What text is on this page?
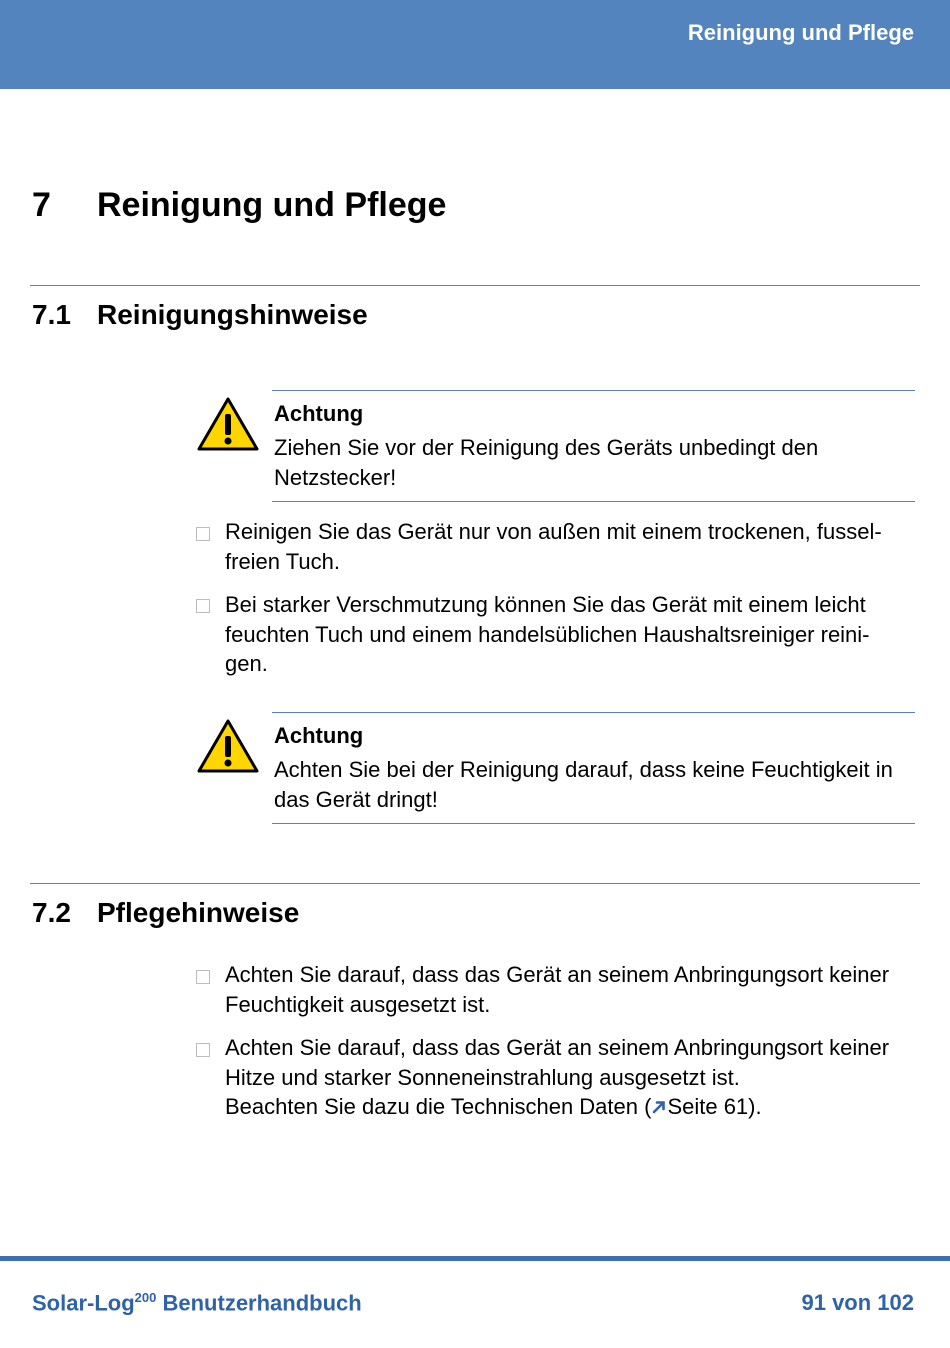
Reinigung und Pflege
7 Reinigung und Pflege
7.1 Reinigungshinweise
Achtung
Ziehen Sie vor der Reinigung des Geräts unbedingt den
Netzstecker!
Reinigen Sie das Gerät nur von außen mit einem trockenen, fussel-
freien Tuch.
Bei starker Verschmutzung können Sie das Gerät mit einem leicht
feuchten Tuch und einem handelsüblichen Haushaltsreiniger reini-
gen.
Achtung
Achten Sie bei der Reinigung darauf, dass keine Feuchtigkeit in
das Gerät dringt!
7.2 Pflegehinweise
Achten Sie darauf, dass das Gerät an seinem Anbringungsort keiner
Feuchtigkeit ausgesetzt ist.
Achten Sie darauf, dass das Gerät an seinem Anbringungsort keiner
Hitze und starker Sonneneinstrahlung ausgesetzt ist.
Beachten Sie dazu die Technischen Daten ( Seite 61).
Solar-Log$^{200}$ Benutzerhandbuch	91 von 102
